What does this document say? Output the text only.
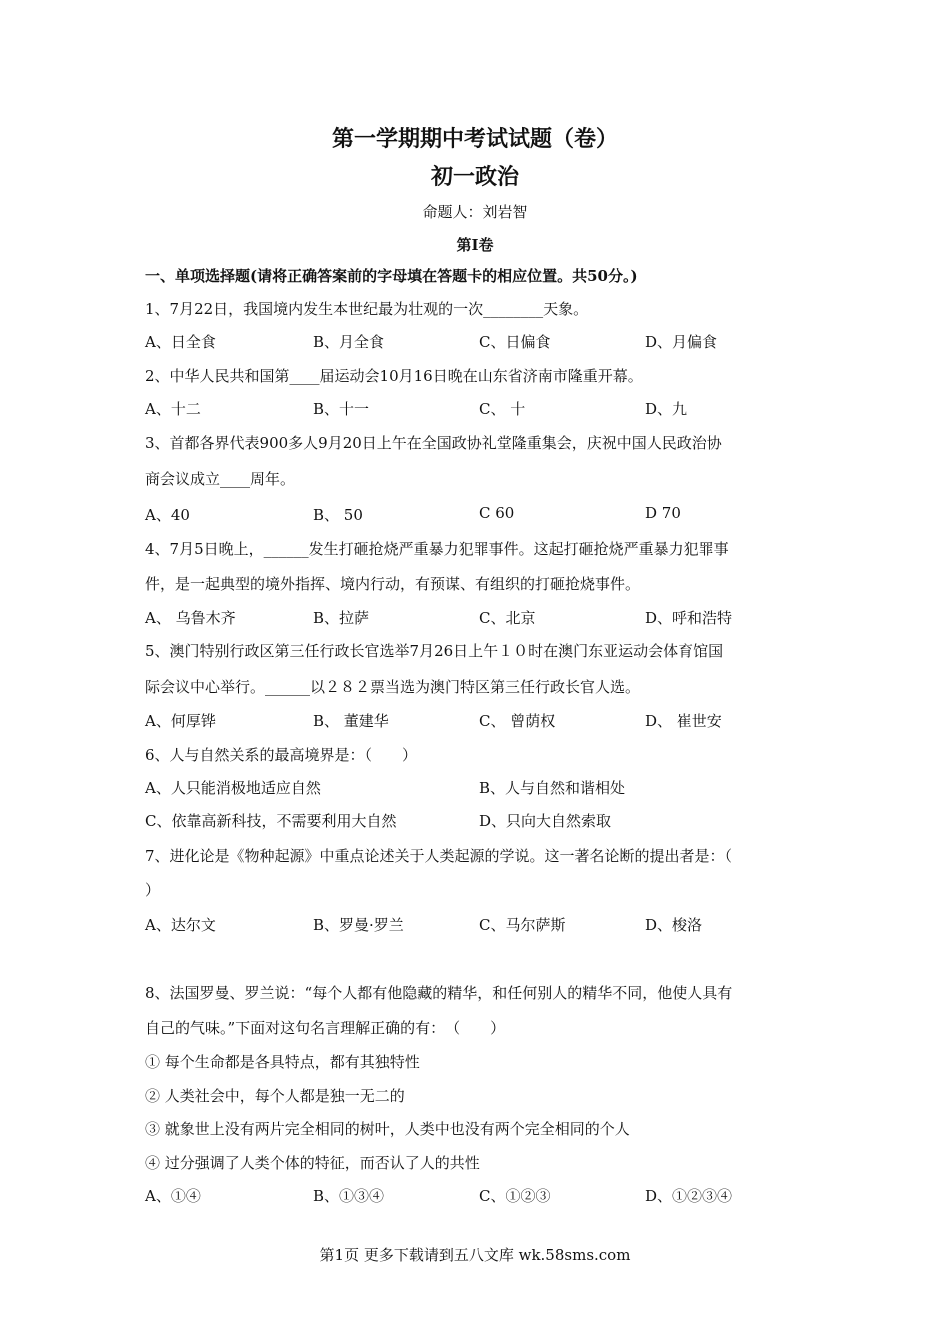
第一学期期中考试试题（卷）
初一政治
命题人：刘岩智
第Ⅰ卷
一、单项选择题(请将正确答案前的字母填在答题卡的相应位置。共50分。)
1、7月22日，我国境内发生本世纪最为壮观的一次________天象。
A、日全食	B、月全食	C、日偏食	D、月偏食
2、中华人民共和国第____届运动会10月16日晚在山东省济南市隆重开幕。
A、十二	B、十一	C、 十	D、九
3、首都各界代表900多人9月20日上午在全国政协礼堂隆重集会，庆祝中国人民政治协
商会议成立____周年。
A、40	B、 50	C 60	D 70
4、7月5日晚上，______发生打砸抢烧严重暴力犯罪事件。这起打砸抢烧严重暴力犯罪事
件，是一起典型的境外指挥、境内行动，有预谋、有组织的打砸抢烧事件。
A、 乌鲁木齐	B、拉萨	C、北京	D、呼和浩特
5、澳门特别行政区第三任行政长官选举7月26日上午１０时在澳门东亚运动会体育馆国
际会议中心举行。______以２８２票当选为澳门特区第三任行政长官人选。
A、何厚铧	B、 董建华	C、 曾荫权	D、 崔世安
6、人与自然关系的最高境界是：（　　）
A、人只能消极地适应自然	B、人与自然和谐相处
C、依靠高新科技，不需要利用大自然	D、只向大自然索取
7、进化论是《物种起源》中重点论述关于人类起源的学说。这一著名论断的提出者是：（
）
A、达尔文	B、罗曼·罗兰	C、马尔萨斯	D、梭洛
8、法国罗曼、罗兰说：“每个人都有他隐藏的精华，和任何别人的精华不同，他使人具有
自己的气味。”下面对这句名言理解正确的有：　（　　）
① 每个生命都是各具特点，都有其独特性
② 人类社会中，每个人都是独一无二的
③ 就象世上没有两片完全相同的树叶，人类中也没有两个完全相同的个人
④ 过分强调了人类个体的特征，而否认了人的共性
A、①④	B、①③④	C、①②③	D、①②③④
第1页 更多下载请到五八文库 wk.58sms.com
